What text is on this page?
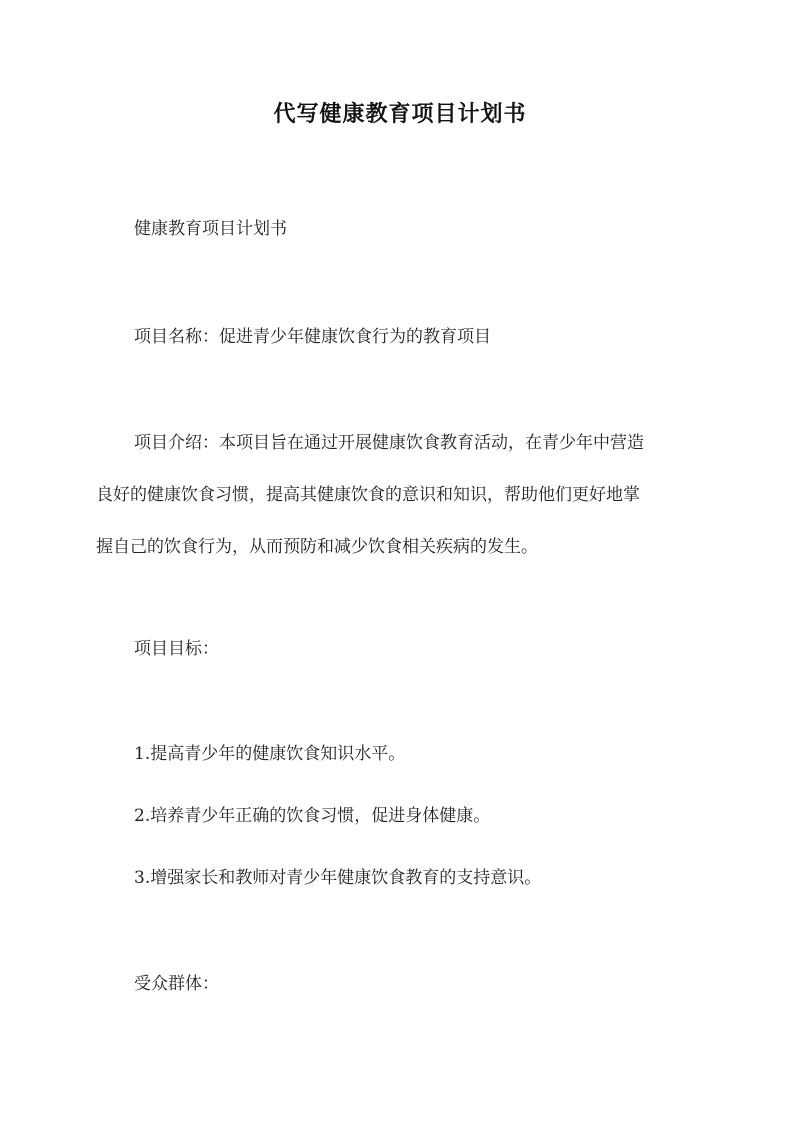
代写健康教育项目计划书
健康教育项目计划书
项目名称：促进青少年健康饮食行为的教育项目
项目介绍：本项目旨在通过开展健康饮食教育活动，在青少年中营造
良好的健康饮食习惯，提高其健康饮食的意识和知识，帮助他们更好地掌
握自己的饮食行为，从而预防和减少饮食相关疾病的发生。
项目目标：
1.提高青少年的健康饮食知识水平。
2.培养青少年正确的饮食习惯，促进身体健康。
3.增强家长和教师对青少年健康饮食教育的支持意识。
受众群体：
